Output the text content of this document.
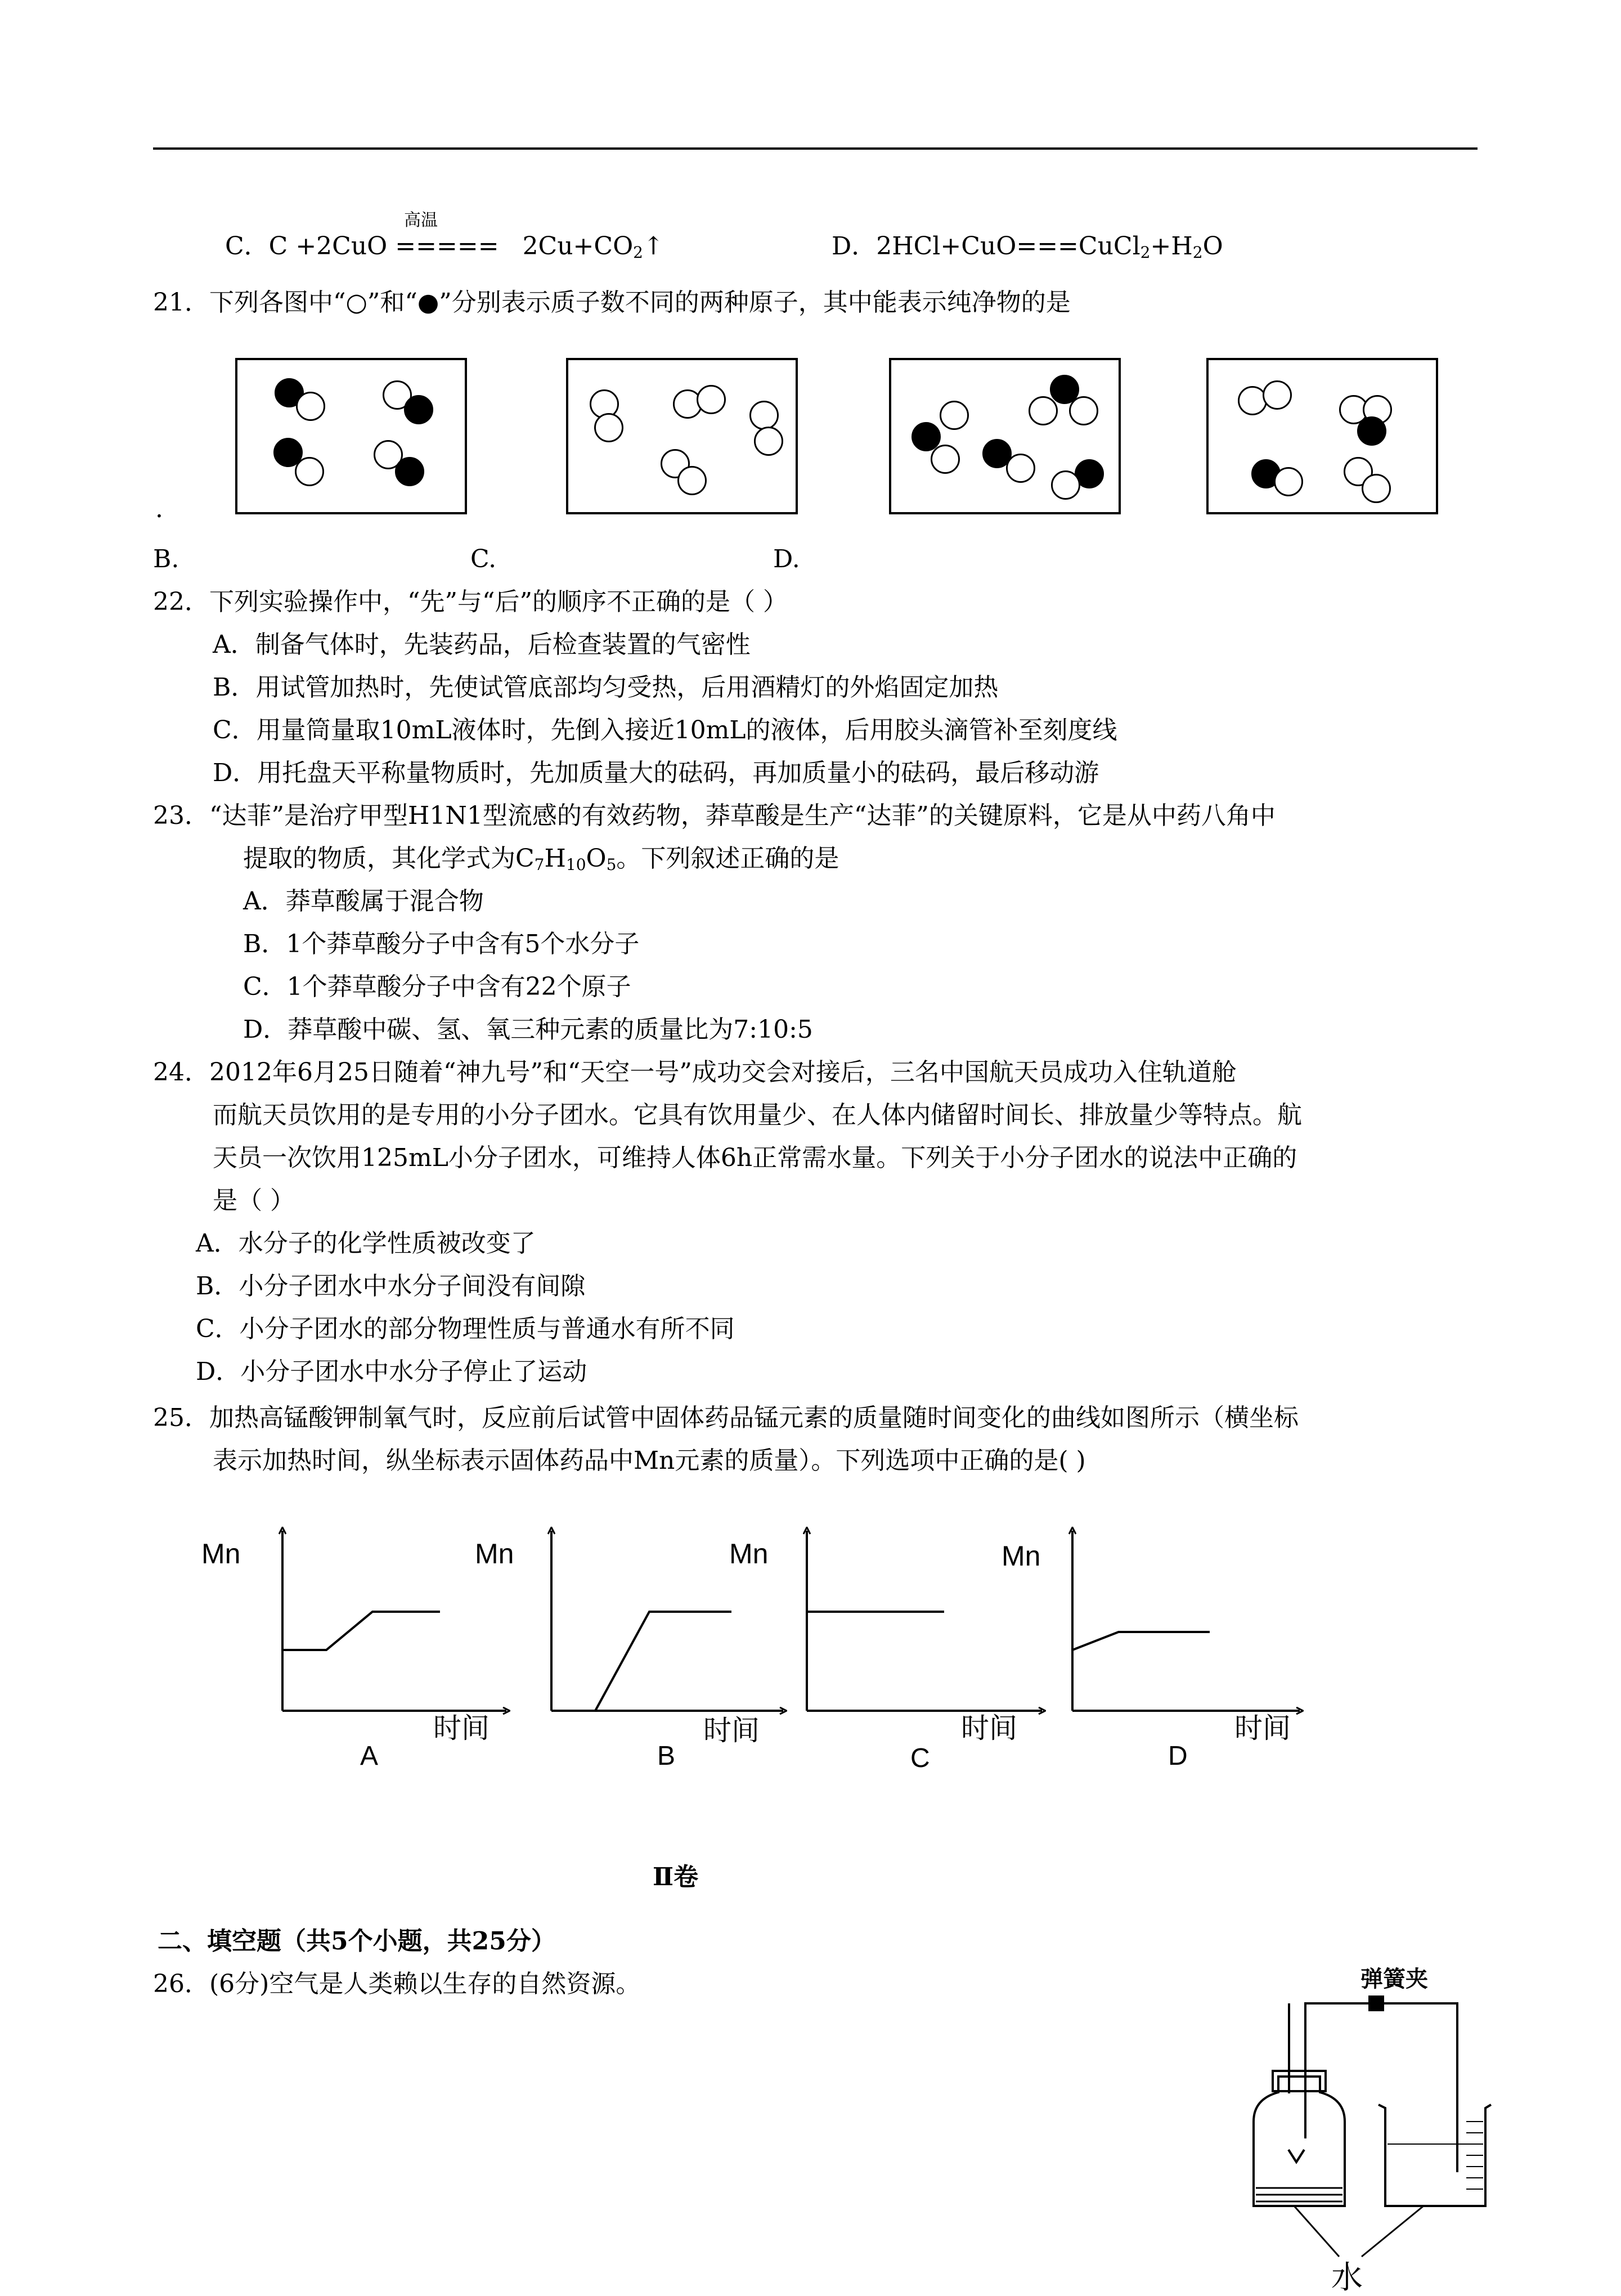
高温
C．C +2CuO ===== $2Cu+CO_2↑$	D．$2HCl+CuO===CuCl_2+H_2O$
21．下列各图中“○”和“●”分别表示质子数不同的两种原子，其中能表示纯净物的是
·
B.	C.	D.
22．下列实验操作中，“先”与“后”的顺序不正确的是（ ）
A．制备气体时，先装药品，后检查装置的气密性
B．用试管加热时，先使试管底部均匀受热，后用酒精灯的外焰固定加热
C．用量筒量取10mL液体时，先倒入接近10mL的液体，后用胶头滴管补至刻度线
D．用托盘天平称量物质时，先加质量大的砝码，再加质量小的砝码，最后移动游
23．“达菲”是治疗甲型H1N1型流感的有效药物，莽草酸是生产“达菲”的关键原料，它是从中药八角中
提取的物质，其化学式为$C_7H_{10}O_5$。下列叙述正确的是
A．莽草酸属于混合物
B．1个莽草酸分子中含有5个水分子
C．1个莽草酸分子中含有22个原子
D．莽草酸中碳、氢、氧三种元素的质量比为7:10:5
24．2012年6月25日随着“神九号”和“天空一号”成功交会对接后，三名中国航天员成功入住轨道舱
而航天员饮用的是专用的小分子团水。它具有饮用量少、在人体内储留时间长、排放量少等特点。航
天员一次饮用125mL小分子团水，可维持人体6h正常需水量。下列关于小分子团水的说法中正确的
是（ ）
A．水分子的化学性质被改变了
B．小分子团水中水分子间没有间隙
C．小分子团水的部分物理性质与普通水有所不同
D．小分子团水中水分子停止了运动
25．加热高锰酸钾制氧气时，反应前后试管中固体药品锰元素的质量随时间变化的曲线如图所示（横坐标
表示加热时间，纵坐标表示固体药品中Mn元素的质量）。下列选项中正确的是( )
Mn
时间
A
Mn
时间
B
Mn
时间
C
Mn
时间
D
Ⅱ卷
二、填空题（共5个小题，共25分）
26．(6分)空气是人类赖以生存的自然资源。	弹簧夹
水
